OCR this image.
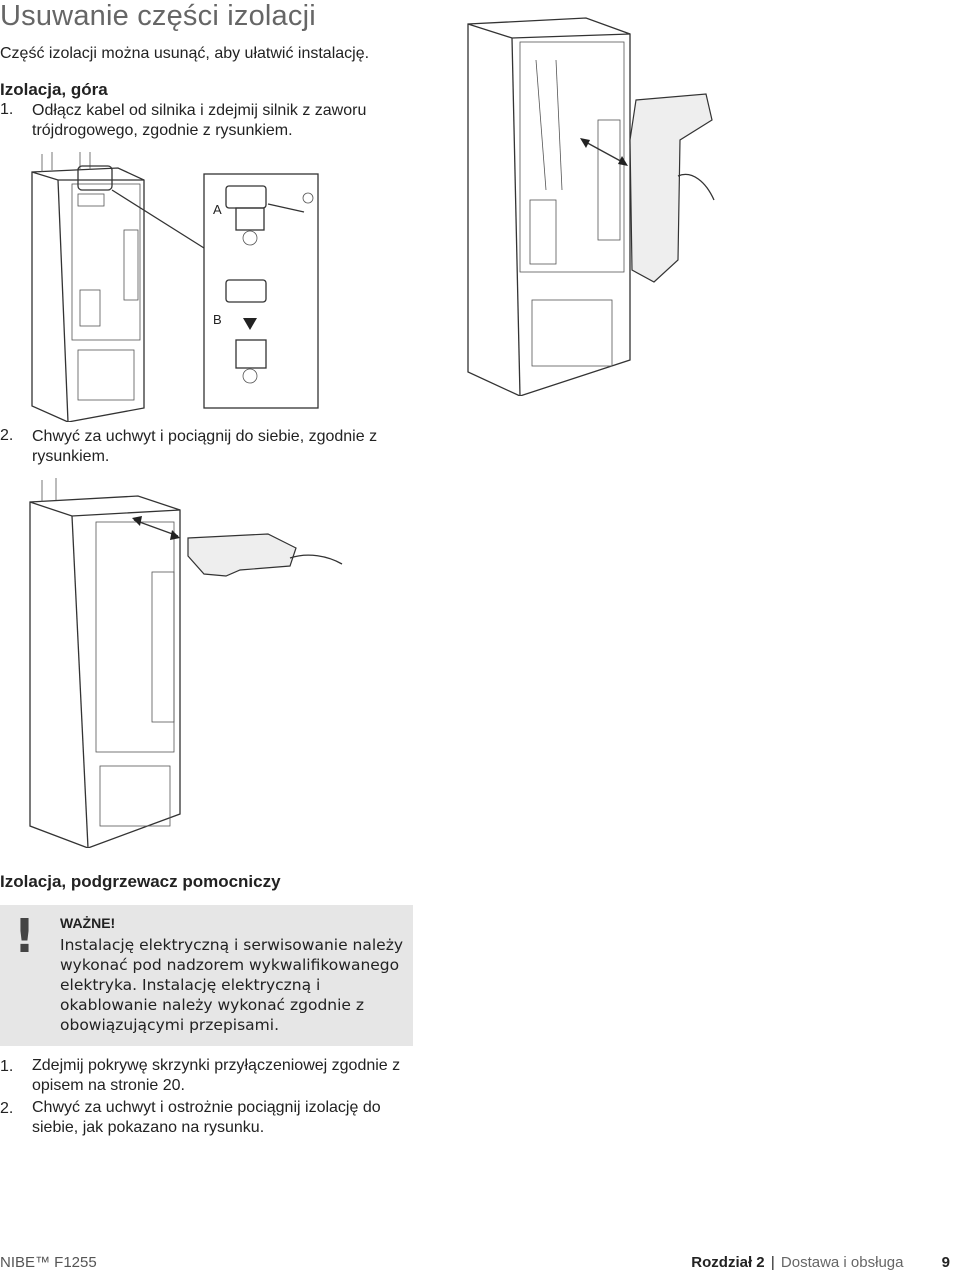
Usuwanie części izolacji
Część izolacji można usunąć, aby ułatwić instalację.
Izolacja, góra
1. Odłącz kabel od silnika i zdejmij silnik z zaworu trójdrogowego, zgodnie z rysunkiem.
A
B
2. Chwyć za uchwyt i pociągnij do siebie, zgodnie z rysunkiem.
Izolacja, podgrzewacz pomocniczy
! WAŻNE!
Instalację elektryczną i serwisowanie należy wykonać pod nadzorem wykwalifikowanego elektryka. Instalację elektryczną i okablowanie należy wykonać zgodnie z obowiązującymi przepisami.
1. Zdejmij pokrywę skrzynki przyłączeniowej zgodnie z opisem na stronie 20.
2. Chwyć za uchwyt i ostrożnie pociągnij izolację do siebie, jak pokazano na rysunku.
NIBE™ F1255	Rozdział 2 | Dostawa i obsługa	9
